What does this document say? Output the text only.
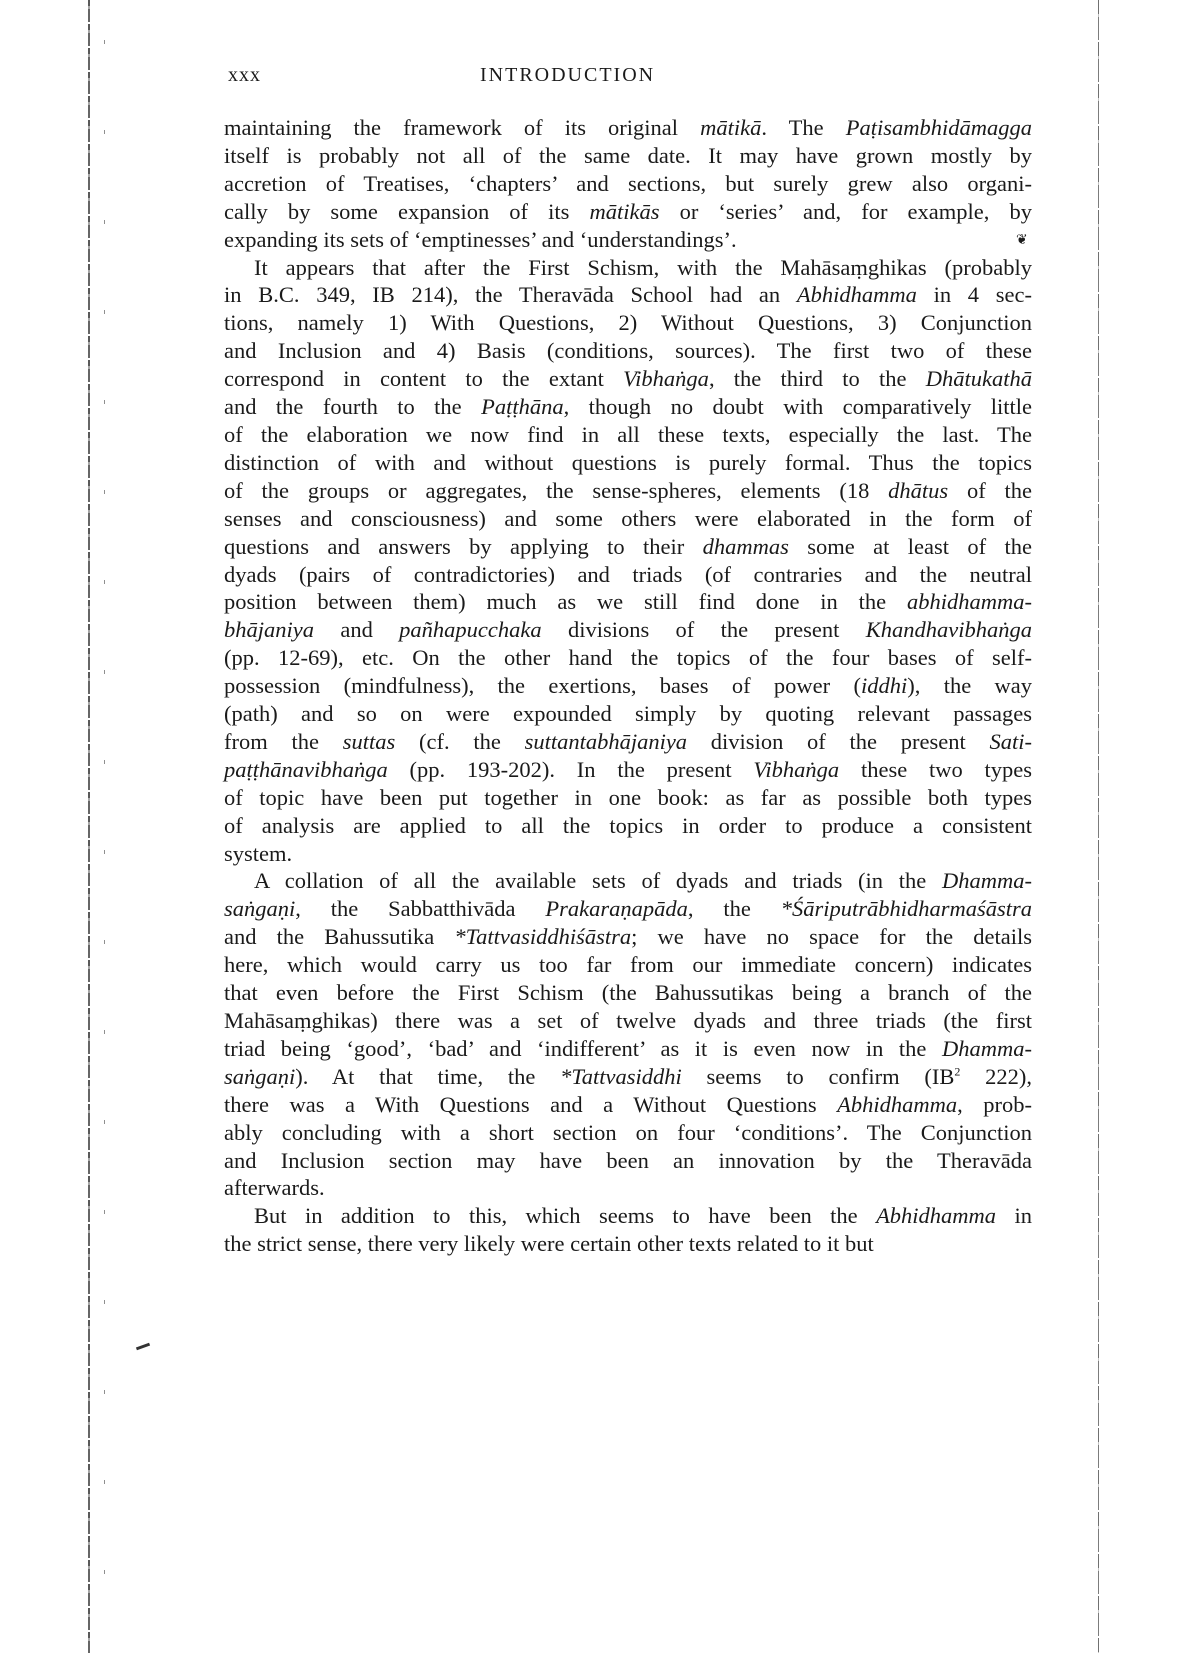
xxx	INTRODUCTION

maintaining the framework of its original mātikā. The Paṭisambhidāmagga
itself is probably not all of the same date. It may have grown mostly by
accretion of Treatises, ‘chapters’ and sections, but surely grew also organi-
cally by some expansion of its mātikās or ‘series’ and, for example, by
expanding its sets of ‘emptinesses’ and ‘understandings’.

It appears that after the First Schism, with the Mahāsaṃghikas (probably
in B.C. 349, IB 214), the Theravāda School had an Abhidhamma in 4 sec-
tions, namely 1) With Questions, 2) Without Questions, 3) Conjunction
and Inclusion and 4) Basis (conditions, sources). The first two of these
correspond in content to the extant Vibhaṅga, the third to the Dhātukathā
and the fourth to the Paṭṭhāna, though no doubt with comparatively little
of the elaboration we now find in all these texts, especially the last. The
distinction of with and without questions is purely formal. Thus the topics
of the groups or aggregates, the sense-spheres, elements (18 dhātus of the
senses and consciousness) and some others were elaborated in the form of
questions and answers by applying to their dhammas some at least of the
dyads (pairs of contradictories) and triads (of contraries and the neutral
position between them) much as we still find done in the abhidhamma-
bhājaniya and pañhapucchaka divisions of the present Khandhavibhaṅga
(pp. 12-69), etc. On the other hand the topics of the four bases of self-
possession (mindfulness), the exertions, bases of power (iddhi), the way
(path) and so on were expounded simply by quoting relevant passages
from the suttas (cf. the suttantabhājaniya division of the present Sati-
paṭṭhānavibhaṅga (pp. 193-202). In the present Vibhaṅga these two types
of topic have been put together in one book: as far as possible both types
of analysis are applied to all the topics in order to produce a consistent
system.

A collation of all the available sets of dyads and triads (in the Dhamma-
saṅgaṇi, the Sabbatthivāda Prakaraṇapāda, the *Śāriputrābhidharmaśāstra
and the Bahussutika *Tattvasiddhiśāstra; we have no space for the details
here, which would carry us too far from our immediate concern) indicates
that even before the First Schism (the Bahussutikas being a branch of the
Mahāsaṃghikas) there was a set of twelve dyads and three triads (the first
triad being ‘good’, ‘bad’ and ‘indifferent’ as it is even now in the Dhamma-
saṅgaṇi). At that time, the *Tattvasiddhi seems to confirm ($IB^2$ 222),
there was a With Questions and a Without Questions Abhidhamma, prob-
ably concluding with a short section on four ‘conditions’. The Conjunction
and Inclusion section may have been an innovation by the Theravāda
afterwards.

But in addition to this, which seems to have been the Abhidhamma in
the strict sense, there very likely were certain other texts related to it but

❦
